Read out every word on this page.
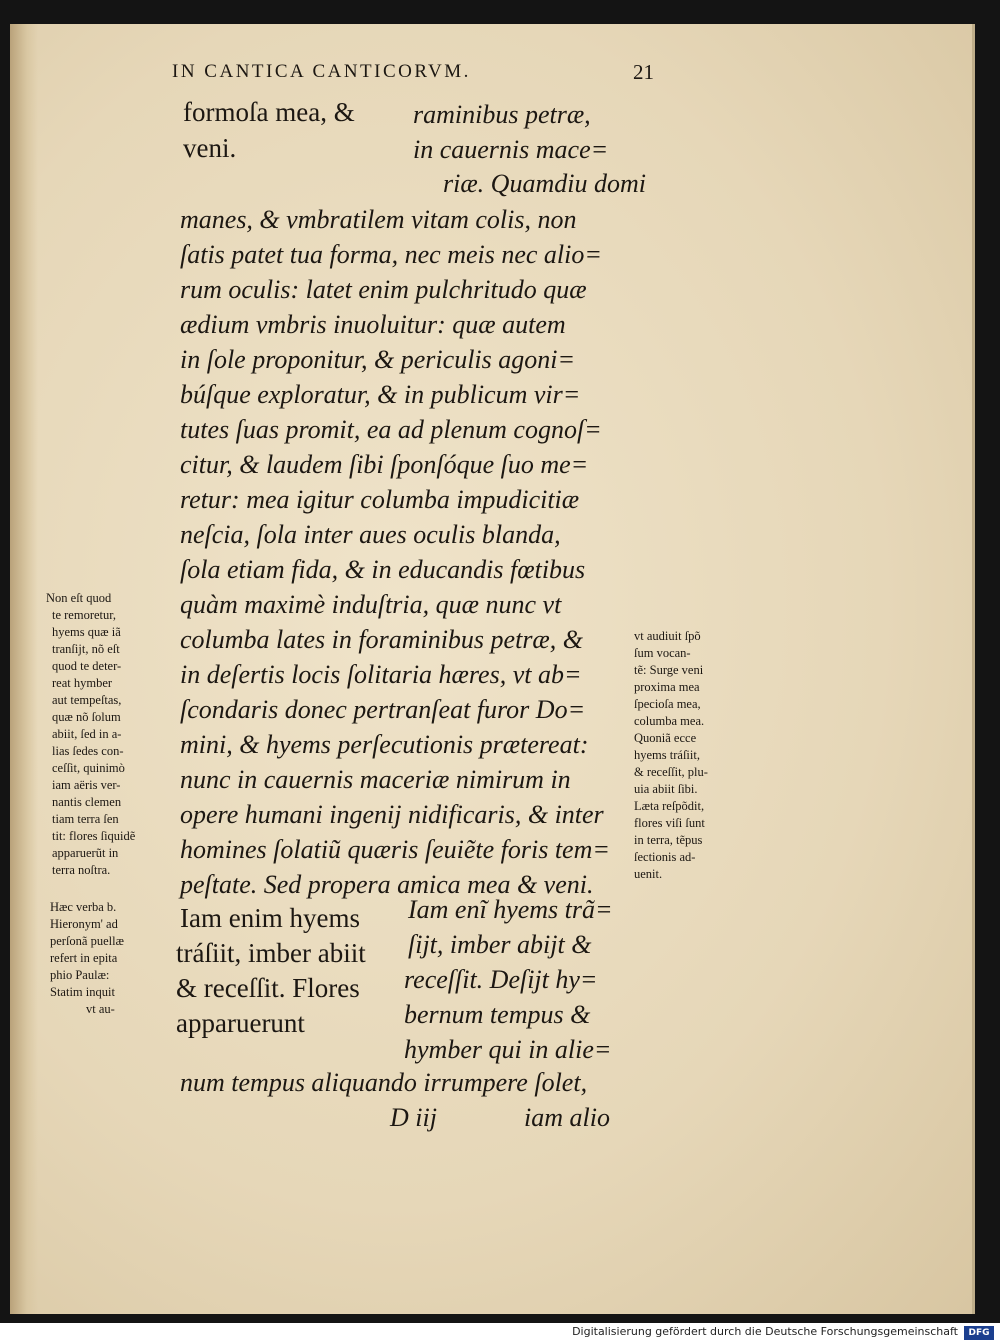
IN CANTICA CANTICORVM.	21
formoſa mea, &
veni.
raminibus petræ,
in cauernis mace=
riæ. Quamdiu domi
manes, & vmbratilem vitam colis, non
ſatis patet tua forma, nec meis nec alio=
rum oculis: latet enim pulchritudo quæ
ædium vmbris inuoluitur: quæ autem
in ſole proponitur, & periculis agoni=
búſque exploratur, & in publicum vir=
tutes ſuas promit, ea ad plenum cognoſ=
citur, & laudem ſibi ſponſóque ſuo me=
retur: mea igitur columba impudicitiæ
neſcia, ſola inter aues oculis blanda,
ſola etiam fida, & in educandis fœtibus
quàm maximè induſtria, quæ nunc vt
columba lates in foraminibus petræ, &
in deſertis locis ſolitaria hæres, vt ab=
ſcondaris donec pertranſeat furor Do=
mini, & hyems perſecutionis prætereat:
nunc in cauernis maceriæ nimirum in
opere humani ingenij nidificaris, & inter
homines ſolatiũ quæris ſeuiẽte foris tem=
peſtate. Sed propera amica mea & veni.
Iam enim hyems
tráſiit, imber abiit
& receſſit. Flores
apparuerunt
Iam enĩ hyems trã=
ſijt, imber abijt &
receſſit. Deſijt hy=
bernum tempus &
hymber qui in alie=
num tempus aliquando irrumpere ſolet,
D iij	iam alio
Non eſt quod
te remoretur,
hyems quæ iã
tranſijt, nõ eſt
quod te deter-
reat hymber
aut tempeſtas,
quæ nõ ſolum
abiit, ſed in a-
lias ſedes con-
ceſſit, quinimò
iam aëris ver-
nantis clemen
tiam terra ſen
tit: flores ſiquidẽ
apparuerũt in
terra noſtra.
Hæc verba b.
Hieronym' ad
perſonã puellæ
refert in epita
phio Paulæ:
Statim inquit
vt au-
vt audiuit ſpõ
ſum vocan-
tẽ: Surge veni
proxima mea
ſpecioſa mea,
columba mea.
Quoniã ecce
hyems tráſiit,
& receſſit, plu-
uia abiit ſibi.
Læta reſpõdit,
flores viſi ſunt
in terra, tẽpus
ſectionis ad-
uenit.
Digitalisierung gefördert durch die Deutsche Forschungsgemeinschaft	DFG
